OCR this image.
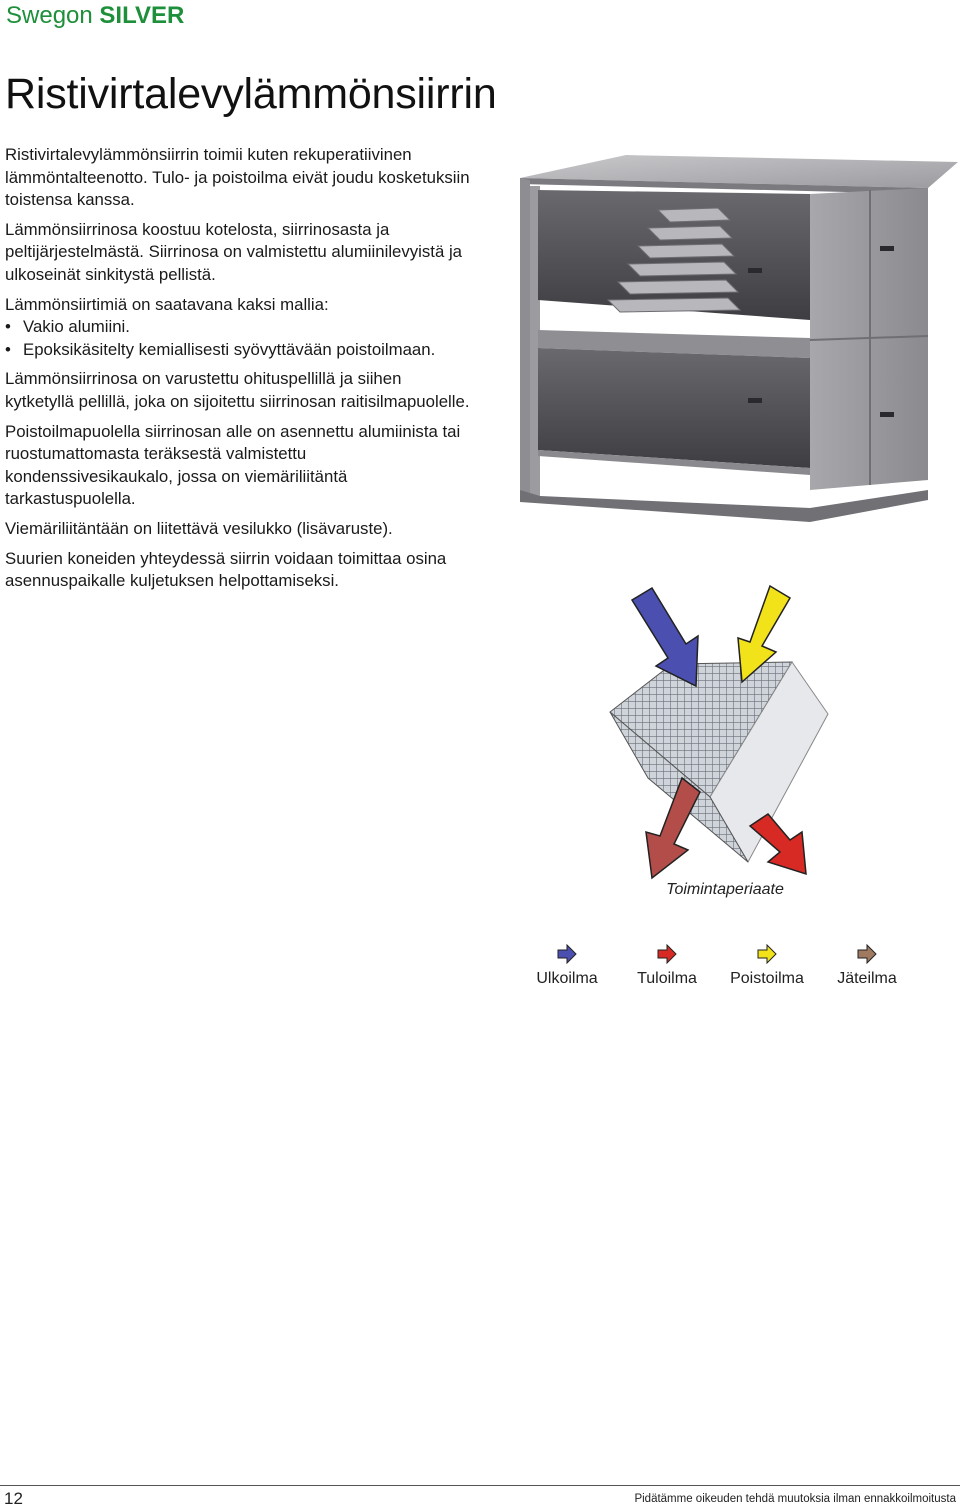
Swegon SILVER
Ristivirtalevylämmönsiirrin

Ristivirtalevylämmönsiirrin toimii kuten rekuperatiivinen lämmöntalteenotto. Tulo- ja poistoilma eivät joudu kosketuksiin toistensa kanssa.

Lämmönsiirrinosa koostuu kotelosta, siirrinosasta ja peltijärjestelmästä. Siirrinosa on valmistettu alumiinilevyistä ja ulkoseinät sinkitystä pellistä.

Lämmönsiirtimiä on saatavana kaksi mallia:

• Vakio alumiini.
• Epoksikäsitelty kemiallisesti syövyttävään poistoilmaan.

Lämmönsiirrinosa on varustettu ohituspellillä ja siihen kytketyllä pellillä, joka on sijoitettu siirrinosan raitisilmapuolelle.

Poistoilmapuolella siirrinosan alle on asennettu alumiinista tai ruostumattomasta teräksestä valmistettu kondenssivesikaukalo, jossa on viemäriliitäntä tarkastuspuolella.

Viemäriliitäntään on liitettävä vesilukko (lisävaruste).

Suurien koneiden yhteydessä siirrin voidaan toimittaa osina asennuspaikalle kuljetuksen helpottamiseksi.

Toimintaperiaate
Ulkoilma	Tuloilma	Poistoilma	Jäteilma
12	Pidätämme oikeuden tehdä muutoksia ilman ennakkoilmoitusta
